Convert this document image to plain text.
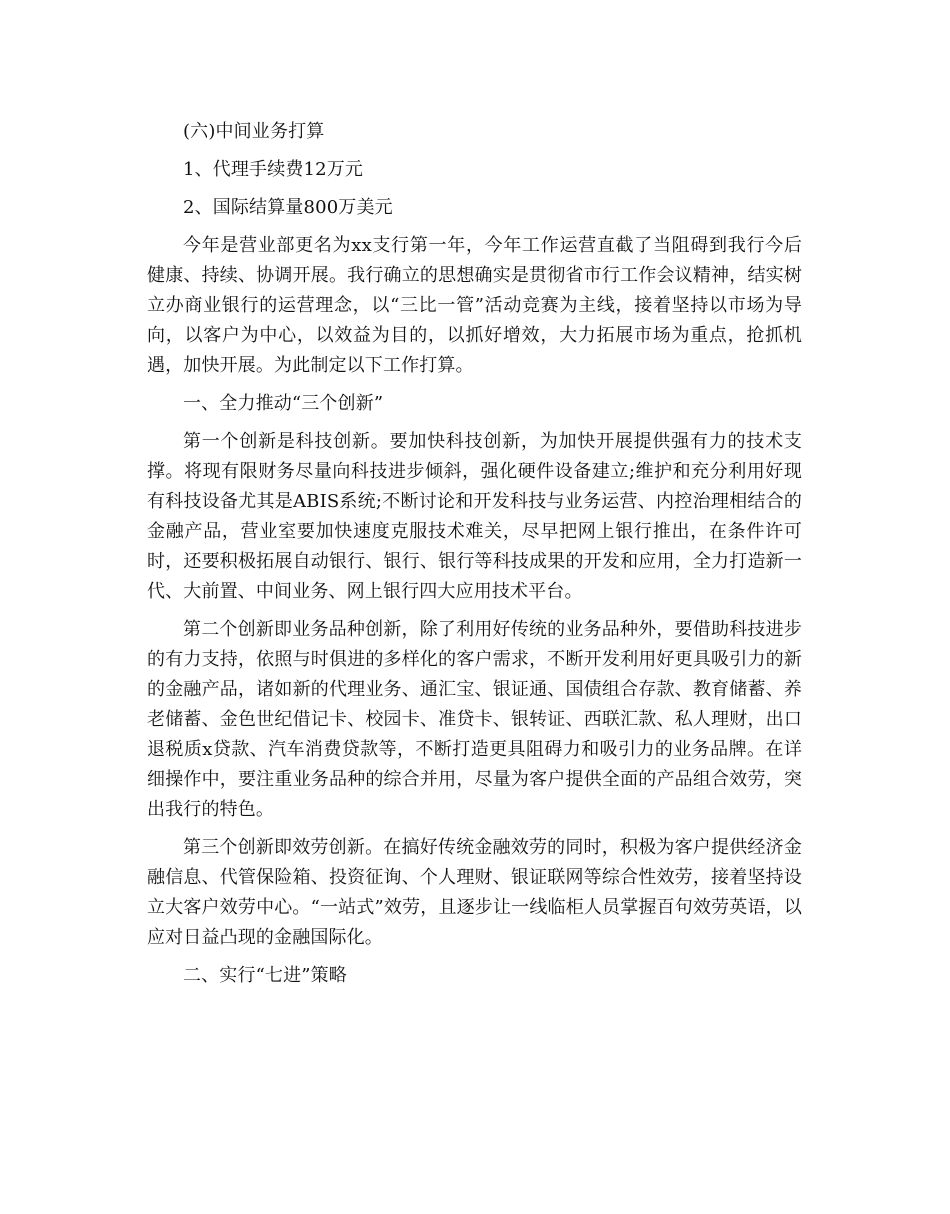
(六)中间业务打算

1、代理手续费12万元

2、国际结算量800万美元

今年是营业部更名为xx支行第一年，今年工作运营直截了当阻碍到我行今后健康、持续、协调开展。我行确立的思想确实是贯彻省市行工作会议精神，结实树立办商业银行的运营理念，以“三比一管”活动竞赛为主线，接着坚持以市场为导向，以客户为中心，以效益为目的，以抓好增效，大力拓展市场为重点，抢抓机遇，加快开展。为此制定以下工作打算。

一、全力推动“三个创新”

第一个创新是科技创新。要加快科技创新，为加快开展提供强有力的技术支撑。将现有限财务尽量向科技进步倾斜，强化硬件设备建立;维护和充分利用好现有科技设备尤其是ABIS系统;不断讨论和开发科技与业务运营、内控治理相结合的金融产品，营业室要加快速度克服技术难关，尽早把网上银行推出，在条件许可时，还要积极拓展自动银行、银行、银行等科技成果的开发和应用，全力打造新一代、大前置、中间业务、网上银行四大应用技术平台。

第二个创新即业务品种创新，除了利用好传统的业务品种外，要借助科技进步的有力支持，依照与时俱进的多样化的客户需求，不断开发利用好更具吸引力的新的金融产品，诸如新的代理业务、通汇宝、银证通、国债组合存款、教育储蓄、养老储蓄、金色世纪借记卡、校园卡、准贷卡、银转证、西联汇款、私人理财，出口退税质x贷款、汽车消费贷款等，不断打造更具阻碍力和吸引力的业务品牌。在详细操作中，要注重业务品种的综合并用，尽量为客户提供全面的产品组合效劳，突出我行的特色。

第三个创新即效劳创新。在搞好传统金融效劳的同时，积极为客户提供经济金融信息、代管保险箱、投资征询、个人理财、银证联网等综合性效劳，接着坚持设立大客户效劳中心。“一站式”效劳，且逐步让一线临柜人员掌握百句效劳英语，以应对日益凸现的金融国际化。

二、实行“七进”策略
